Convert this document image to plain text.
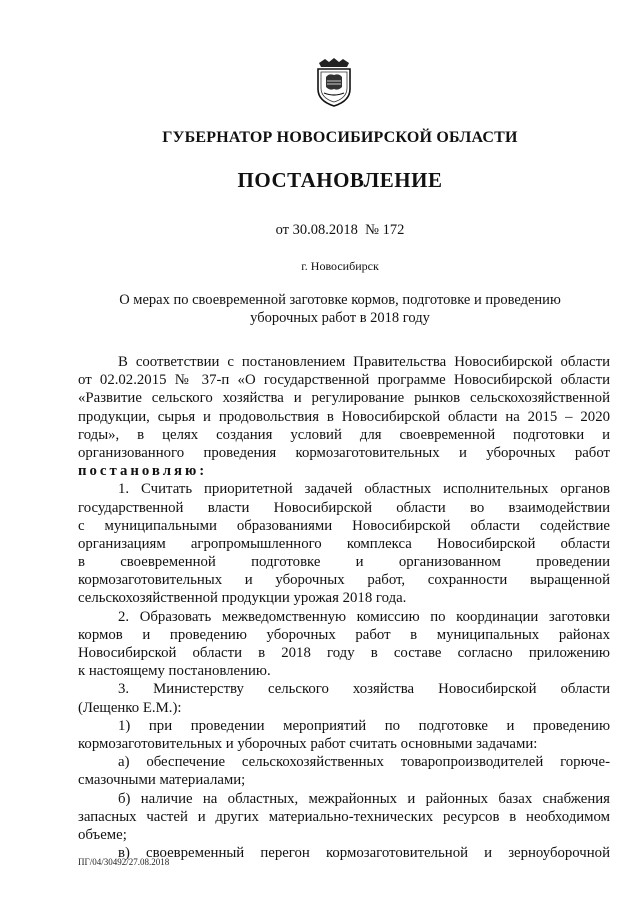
ГУБЕРНАТОР НОВОСИБИРСКОЙ ОБЛАСТИ
ПОСТАНОВЛЕНИЕ
от 30.08.2018  № 172
г. Новосибирск
О мерах по своевременной заготовке кормов, подготовке и проведению
уборочных работ в 2018 году
В соответствии с постановлением Правительства Новосибирской области
от 02.02.2015 № 37-п «О государственной программе Новосибирской области
«Развитие сельского хозяйства и регулирование рынков сельскохозяйственной
продукции, сырья и продовольствия в Новосибирской области на 2015 – 2020
годы», в целях создания условий для своевременной подготовки и
организованного проведения кормозаготовительных и уборочных работ
постановляю:
1. Считать приоритетной задачей областных исполнительных органов
государственной власти Новосибирской области во взаимодействии
с муниципальными образованиями Новосибирской области содействие
организациям агропромышленного комплекса Новосибирской области
в своевременной подготовке и организованном проведении
кормозаготовительных и уборочных работ, сохранности выращенной
сельскохозяйственной продукции урожая 2018 года.
2. Образовать межведомственную комиссию по координации заготовки
кормов и проведению уборочных работ в муниципальных районах
Новосибирской области в 2018 году в составе согласно приложению
к настоящему постановлению.
3. Министерству сельского хозяйства Новосибирской области
(Лещенко Е.М.):
1) при проведении мероприятий по подготовке и проведению
кормозаготовительных и уборочных работ считать основными задачами:
а) обеспечение сельскохозяйственных товаропроизводителей горюче-
смазочными материалами;
б) наличие на областных, межрайонных и районных базах снабжения
запасных частей и других материально-технических ресурсов в необходимом
объеме;
в) своевременный перегон кормозаготовительной и зерноуборочной
ПГ/04/30492/27.08.2018
